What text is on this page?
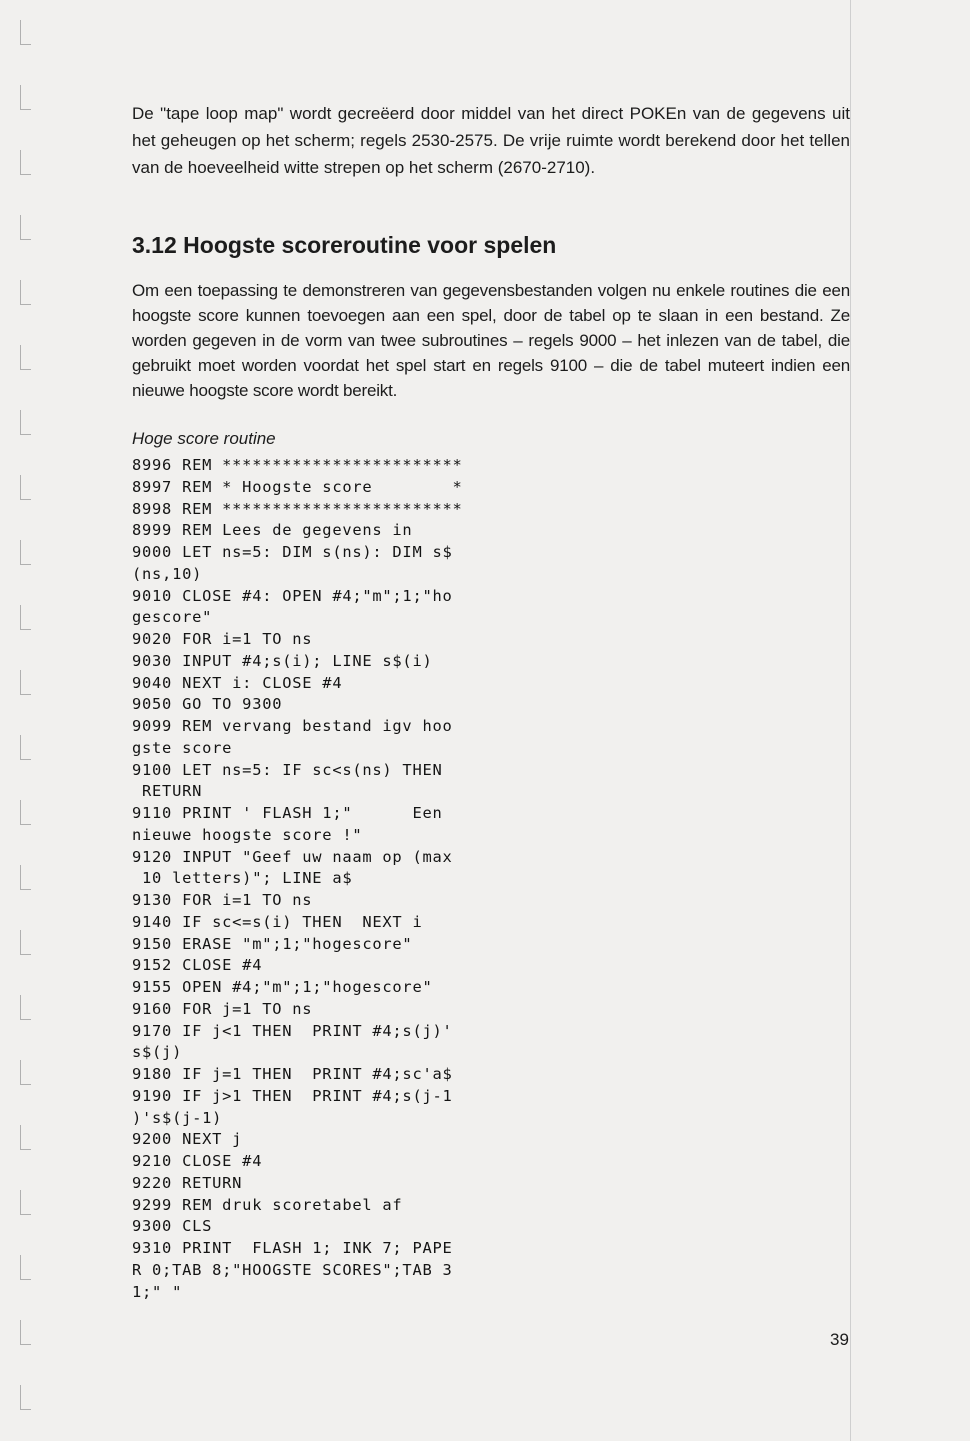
De "tape loop map" wordt gecreëerd door middel van het direct POKEn van de gegevens uit het geheugen op het scherm; regels 2530-2575. De vrije ruimte wordt berekend door het tellen van de hoeveelheid witte strepen op het scherm (2670-2710).

3.12 Hoogste scoreroutine voor spelen

Om een toepassing te demonstreren van gegevensbestanden volgen nu enkele routines die een hoogste score kunnen toevoegen aan een spel, door de tabel op te slaan in een bestand. Ze worden gegeven in de vorm van twee subroutines – regels 9000 – het inlezen van de tabel, die gebruikt moet worden voordat het spel start en regels 9100 – die de tabel muteert indien een nieuwe hoogste score wordt bereikt.

Hoge score routine

8996 REM ************************
8997 REM * Hoogste score        *
8998 REM ************************
8999 REM Lees de gegevens in
9000 LET ns=5: DIM s(ns): DIM s$
(ns,10)
9010 CLOSE #4: OPEN #4;"m";1;"ho
gescore"
9020 FOR i=1 TO ns
9030 INPUT #4;s(i); LINE s$(i)
9040 NEXT i: CLOSE #4
9050 GO TO 9300
9099 REM vervang bestand igv hoo
gste score
9100 LET ns=5: IF sc<s(ns) THEN
RETURN
9110 PRINT ' FLASH 1;"      Een
nieuwe hoogste score !"
9120 INPUT "Geef uw naam op (max
10 letters)"; LINE a$
9130 FOR i=1 TO ns
9140 IF sc<=s(i) THEN  NEXT i
9150 ERASE "m";1;"hogescore"
9152 CLOSE #4
9155 OPEN #4;"m";1;"hogescore"
9160 FOR j=1 TO ns
9170 IF j<1 THEN  PRINT #4;s(j)'
s$(j)
9180 IF j=1 THEN  PRINT #4;sc'a$
9190 IF j>1 THEN  PRINT #4;s(j-1
)'s$(j-1)
9200 NEXT j
9210 CLOSE #4
9220 RETURN
9299 REM druk scoretabel af
9300 CLS
9310 PRINT  FLASH 1; INK 7; PAPE
R 0;TAB 8;"HOOGSTE SCORES";TAB 3
1;" "

39
